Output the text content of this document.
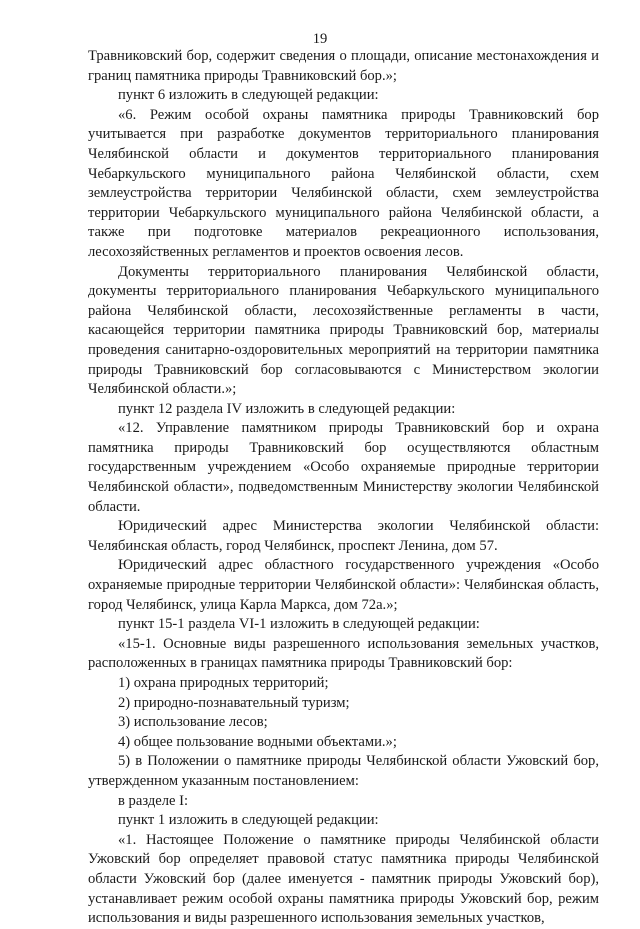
19

Травниковский бор, содержит сведения о площади, описание местонахождения и границ памятника природы Травниковский бор.»;

пункт 6 изложить в следующей редакции:

«6. Режим особой охраны памятника природы Травниковский бор учитывается при разработке документов территориального планирования Челябинской области и документов территориального планирования Чебаркульского муниципального района Челябинской области, схем землеустройства территории Челябинской области, схем землеустройства территории Чебаркульского муниципального района Челябинской области, а также при подготовке материалов рекреационного использования, лесохозяйственных регламентов и проектов освоения лесов.

Документы территориального планирования Челябинской области, документы территориального планирования Чебаркульского муниципального района Челябинской области, лесохозяйственные регламенты в части, касающейся территории памятника природы Травниковский бор, материалы проведения санитарно-оздоровительных мероприятий на территории памятника природы Травниковский бор согласовываются с Министерством экологии Челябинской области.»;

пункт 12 раздела IV изложить в следующей редакции:

«12. Управление памятником природы Травниковский бор и охрана памятника природы Травниковский бор осуществляются областным государственным учреждением «Особо охраняемые природные территории Челябинской области», подведомственным Министерству экологии Челябинской области.

Юридический адрес Министерства экологии Челябинской области: Челябинская область, город Челябинск, проспект Ленина, дом 57.

Юридический адрес областного государственного учреждения «Особо охраняемые природные территории Челябинской области»: Челябинская область, город Челябинск, улица Карла Маркса, дом 72а.»;

пункт 15-1 раздела VI-1 изложить в следующей редакции:

«15-1. Основные виды разрешенного использования земельных участков, расположенных в границах памятника природы Травниковский бор:

1) охрана природных территорий;

2) природно-познавательный туризм;

3) использование лесов;

4) общее пользование водными объектами.»;

5) в Положении о памятнике природы Челябинской области Ужовский бор, утвержденном указанным постановлением:

в разделе I:

пункт 1 изложить в следующей редакции:

«1. Настоящее Положение о памятнике природы Челябинской области Ужовский бор определяет правовой статус памятника природы Челябинской области Ужовский бор (далее именуется - памятник природы Ужовский бор), устанавливает режим особой охраны памятника природы Ужовский бор, режим использования и виды разрешенного использования земельных участков,
